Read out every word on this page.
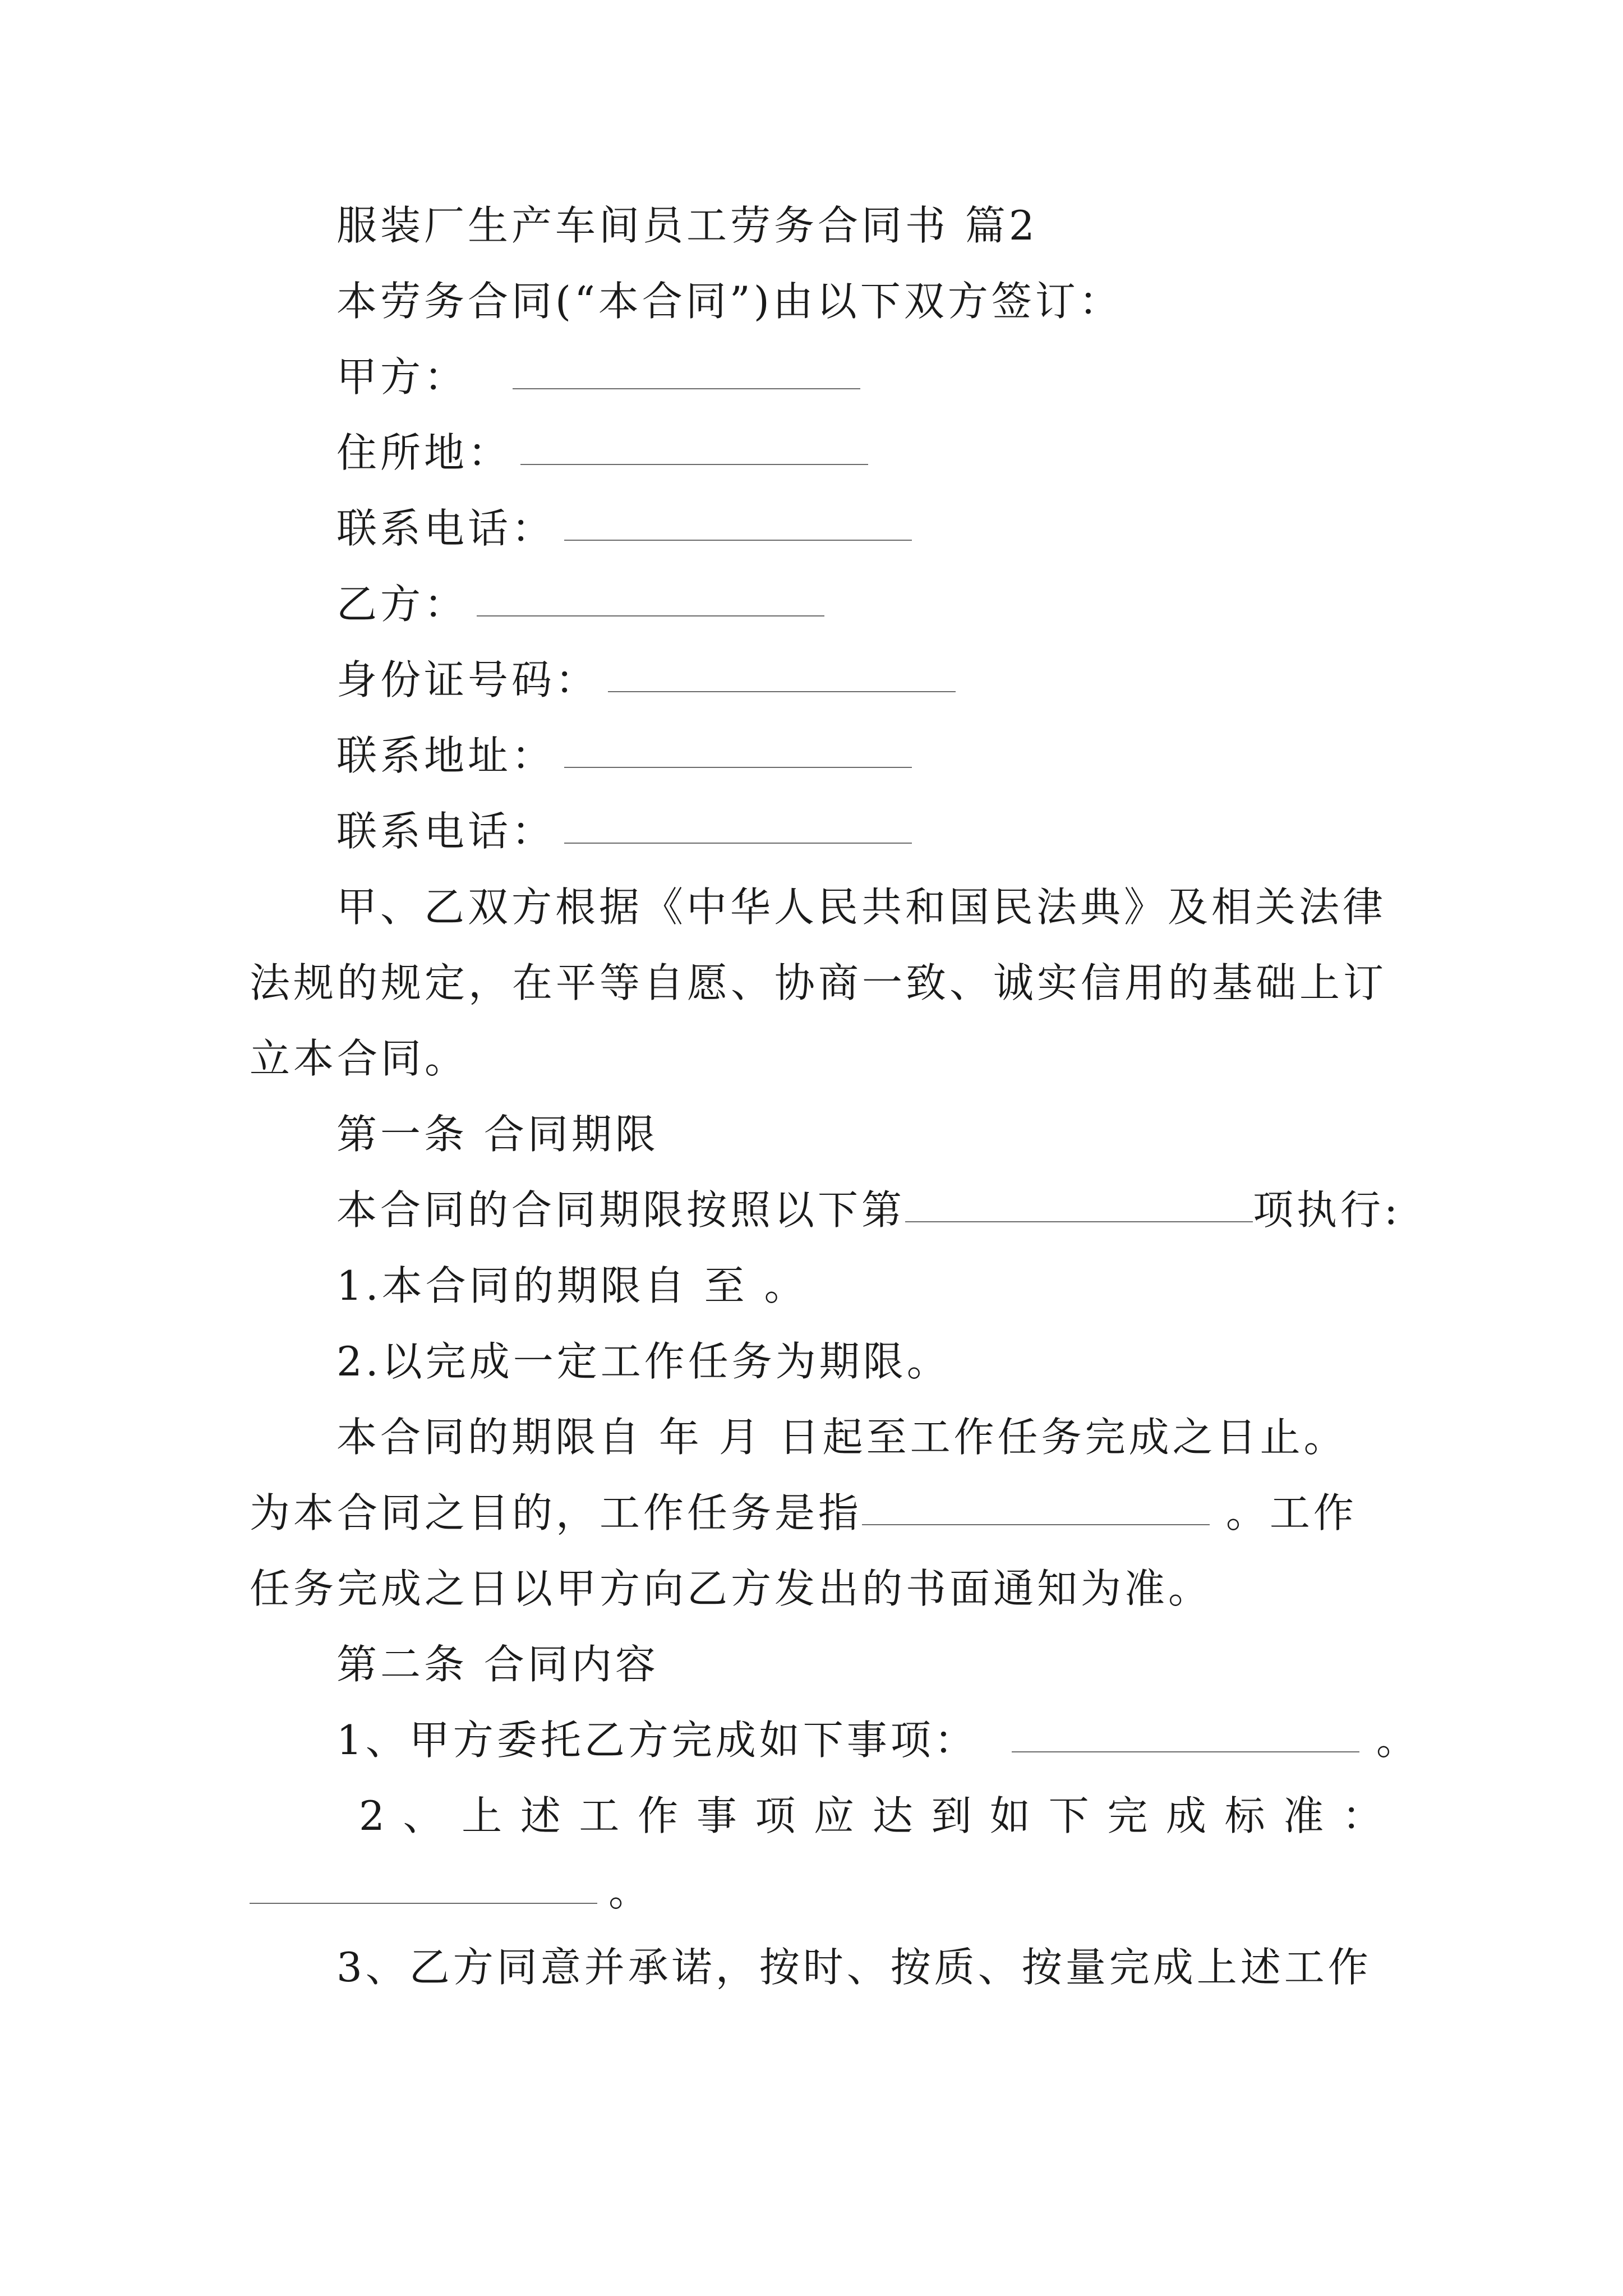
服装厂生产车间员工劳务合同书 篇2
本劳务合同(“本合同”)由以下双方签订：
甲方：
住所地：
联系电话：
乙方：
身份证号码：
联系地址：
联系电话：
甲、乙双方根据《中华人民共和国民法典》及相关法律
法规的规定，在平等自愿、协商一致、诚实信用的基础上订
立本合同。
第一条 合同期限
本合同的合同期限按照以下第	项执行:
1.本合同的期限自 至 。
2.以完成一定工作任务为期限。
本合同的期限自 年 月 日起至工作任务完成之日止。
为本合同之目的，工作任务是指	。工作
任务完成之日以甲方向乙方发出的书面通知为准。
第二条 合同内容
1、甲方委托乙方完成如下事项：	。
2 、 上 述 工 作 事 项 应 达 到 如 下 完 成 标 准 ：
。
3、乙方同意并承诺，按时、按质、按量完成上述工作
